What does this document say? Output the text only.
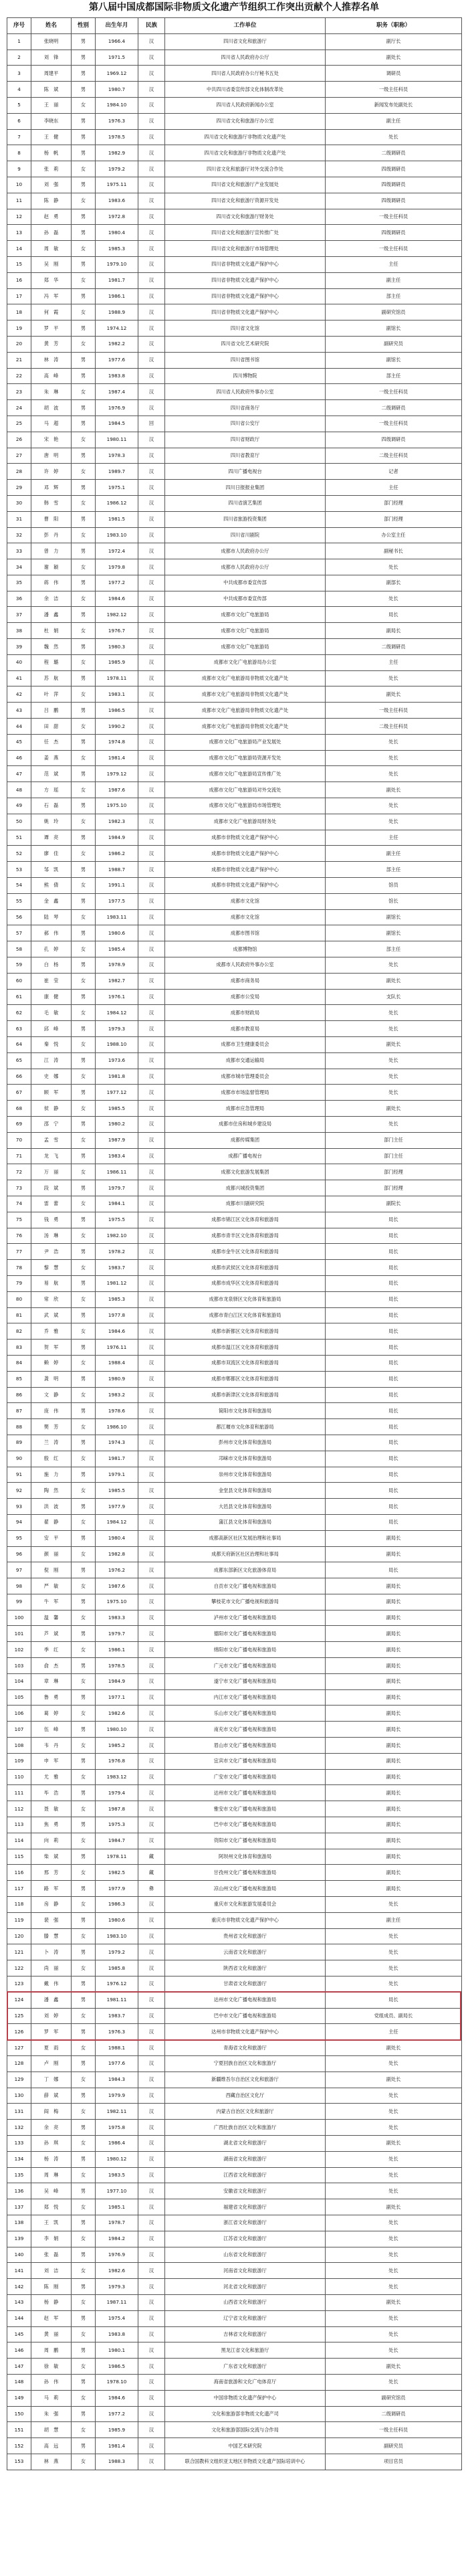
第八届中国成都国际非物质文化遗产节组织工作突出贡献个人推荐名单
序号	姓名	性别	出生年月	民族	工作单位	职务（职称）
1	张晓明	男	1966.4	汉	四川省文化和旅游厅	副厅长
2	刘　锋	男	1971.5	汉	四川省人民政府办公厅	副处长
3	周建平	男	1969.12	汉	四川省人民政府办公厅秘书五处	调研员
4	陈　斌	男	1980.7	汉	中共四川省委宣传部文化体制改革处	一级主任科员
5	王　丽	女	1984.10	汉	四川省人民政府新闻办公室	新闻发布处副处长
6	李晓东	男	1976.3	汉	四川省文化和旅游厅办公室	副主任
7	王　健	男	1978.5	汉	四川省文化和旅游厅非物质文化遗产处	处长
8	杨　帆	男	1982.9	汉	四川省文化和旅游厅非物质文化遗产处	二级调研员
9	张　莉	女	1979.2	汉	四川省文化和旅游厅对外交流合作处	四级调研员
10	刘　强	男	1975.11	汉	四川省文化和旅游厅产业发展处	四级调研员
11	陈　静	女	1983.6	汉	四川省文化和旅游厅资源开发处	四级调研员
12	赵　勇	男	1972.8	汉	四川省文化和旅游厅财务处	一级主任科员
13	孙　磊	男	1980.4	汉	四川省文化和旅游厅宣传推广处	四级调研员
14	周　敏	女	1985.3	汉	四川省文化和旅游厅市场管理处	一级主任科员
15	吴　刚	男	1979.10	汉	四川省非物质文化遗产保护中心	主任
16	郑　华	女	1981.7	汉	四川省非物质文化遗产保护中心	副主任
17	冯　军	男	1986.1	汉	四川省非物质文化遗产保护中心	部主任
18	何　霞	女	1988.9	汉	四川省非物质文化遗产保护中心	副研究馆员
19	罗　平	男	1974.12	汉	四川省文化馆	副馆长
20	黄　芳	女	1982.2	汉	四川省文化艺术研究院	副研究员
21	林　涛	男	1977.6	汉	四川省图书馆	副馆长
22	高　峰	男	1983.8	汉	四川博物院	部主任
23	朱　琳	女	1987.4	汉	四川省人民政府外事办公室	一级主任科员
24	胡　波	男	1976.9	汉	四川省商务厅	二级调研员
25	马　超	男	1984.5	回	四川省公安厅	一级主任科员
26	宋　艳	女	1980.11	汉	四川省财政厅	四级调研员
27	唐　明	男	1978.3	汉	四川省教育厅	二级主任科员
28	许　婷	女	1989.7	汉	四川广播电视台	记者
29	邓　辉	男	1975.1	汉	四川日报报业集团	主任
30	韩　雪	女	1986.12	汉	四川省演艺集团	部门经理
31	曹　阳	男	1981.5	汉	四川省旅游投资集团	部门经理
32	彭　丹	女	1983.10	汉	四川省川剧院	办公室主任
33	曾　力	男	1972.4	汉	成都市人民政府办公厅	副秘书长
34	谢　颖	女	1979.8	汉	成都市人民政府办公厅	处长
35	蒋　伟	男	1977.2	汉	中共成都市委宣传部	副部长
36	余　洁	女	1984.6	汉	中共成都市委宣传部	处长
37	潘　鑫	男	1982.12	汉	成都市文化广电旅游局	局长
38	杜　娟	女	1976.7	汉	成都市文化广电旅游局	副局长
39	魏　然	男	1980.3	汉	成都市文化广电旅游局	二级调研员
40	程　璐	女	1985.9	汉	成都市文化广电旅游局办公室	主任
41	苏　航	男	1978.11	汉	成都市文化广电旅游局非物质文化遗产处	处长
42	叶　萍	女	1983.1	汉	成都市文化广电旅游局非物质文化遗产处	副处长
43	吕　鹏	男	1986.5	汉	成都市文化广电旅游局非物质文化遗产处	一级主任科员
44	田　甜	女	1990.2	汉	成都市文化广电旅游局非物质文化遗产处	二级主任科员
45	任　杰	男	1974.8	汉	成都市文化广电旅游局产业发展处	处长
46	姜　燕	女	1981.4	汉	成都市文化广电旅游局资源开发处	处长
47	范　斌	男	1979.12	汉	成都市文化广电旅游局宣传推广处	处长
48	方　瑶	女	1987.6	汉	成都市文化广电旅游局对外交流处	副处长
49	石　磊	男	1975.10	汉	成都市文化广电旅游局市场管理处	处长
50	姚　玲	女	1982.3	汉	成都市文化广电旅游局财务处	处长
51	谭　亮	男	1984.9	汉	成都市非物质文化遗产保护中心	主任
52	廖　佳	女	1986.2	汉	成都市非物质文化遗产保护中心	副主任
53	邹　凯	男	1988.7	汉	成都市非物质文化遗产保护中心	部主任
54	熊　倩	女	1991.1	汉	成都市非物质文化遗产保护中心	馆员
55	金　鑫	男	1977.5	汉	成都市文化馆	馆长
56	陆　琴	女	1983.11	汉	成都市文化馆	副馆长
57	郝　伟	男	1980.6	汉	成都市图书馆	副馆长
58	孔　婷	女	1985.4	汉	成都博物馆	部主任
59	白　杨	男	1978.9	汉	成都市人民政府外事办公室	处长
60	崔　莹	女	1982.7	汉	成都市商务局	副处长
61	康　健	男	1976.1	汉	成都市公安局	支队长
62	毛　敏	女	1984.12	汉	成都市财政局	处长
63	邱　峰	男	1979.3	汉	成都市教育局	处长
64	秦　悦	女	1988.10	汉	成都市卫生健康委员会	副处长
65	江　涛	男	1973.6	汉	成都市交通运输局	处长
66	史　娜	女	1981.8	汉	成都市城市管理委员会	处长
67	顾　军	男	1977.12	汉	成都市市场监督管理局	处长
68	侯　静	女	1985.5	汉	成都市应急管理局	副处长
69	邵　宁	男	1980.2	汉	成都市住房和城乡建设局	处长
70	孟　雪	女	1987.9	汉	成都传媒集团	部门主任
71	龙　飞	男	1983.4	汉	成都广播电视台	部门主任
72	万　丽	女	1986.11	汉	成都文化旅游发展集团	部门经理
73	段　斌	男	1979.7	汉	成都兴城投资集团	部门经理
74	雷　蕾	女	1984.1	汉	成都市川剧研究院	副院长
75	钱　勇	男	1975.5	汉	成都市锦江区文化体育和旅游局	局长
76	汤　琳	女	1982.10	汉	成都市青羊区文化体育和旅游局	局长
77	尹　浩	男	1978.2	汉	成都市金牛区文化体育和旅游局	局长
78	黎　慧	女	1983.7	汉	成都市武侯区文化体育和旅游局	局长
79	易　航	男	1981.12	汉	成都市成华区文化体育和旅游局	局长
80	常　欣	女	1985.3	汉	成都市龙泉驿区文化体育和旅游局	局长
81	武　斌	男	1977.8	汉	成都市青白江区文化体育和旅游局	局长
82	乔　雅	女	1984.6	汉	成都市新都区文化体育和旅游局	局长
83	贺　军	男	1976.11	汉	成都市温江区文化体育和旅游局	局长
84	赖　婷	女	1988.4	汉	成都市双流区文化体育和旅游局	局长
85	龚　明	男	1980.9	汉	成都市郫都区文化体育和旅游局	局长
86	文　静	女	1983.2	汉	成都市新津区文化体育和旅游局	局长
87	庞　伟	男	1978.6	汉	简阳市文化体育和旅游局	局长
88	樊　芳	女	1986.10	汉	都江堰市文化体育和旅游局	局长
89	兰　涛	男	1974.3	汉	彭州市文化体育和旅游局	局长
90	殷　红	女	1981.7	汉	邛崃市文化体育和旅游局	局长
91	施　力	男	1979.1	汉	崇州市文化体育和旅游局	局长
92	陶　然	女	1985.5	汉	金堂县文化体育和旅游局	局长
93	洪　波	男	1977.9	汉	大邑县文化体育和旅游局	局长
94	翟　静	女	1984.12	汉	蒲江县文化体育和旅游局	局长
95	安　平	男	1980.4	汉	成都高新区社区发展治理和社事局	副局长
96	颜　丽	女	1982.8	汉	成都天府新区社区治理和社事局	副局长
97	倪　刚	男	1976.2	汉	成都东部新区文化旅游体育局	局长
98	严　敏	女	1987.6	汉	自贡市文化广播电视和旅游局	副局长
99	牛　军	男	1975.10	汉	攀枝花市文化广播电视和旅游局	副局长
100	温　馨	女	1983.3	汉	泸州市文化广播电视和旅游局	副局长
101	芦　斌	男	1979.7	汉	德阳市文化广播电视和旅游局	副局长
102	季　红	女	1986.1	汉	绵阳市文化广播电视和旅游局	副局长
103	俞　杰	男	1978.5	汉	广元市文化广播电视和旅游局	副局长
104	章　琳	女	1984.9	汉	遂宁市文化广播电视和旅游局	副局长
105	鲁　勇	男	1977.1	汉	内江市文化广播电视和旅游局	副局长
106	葛　婷	女	1982.6	汉	乐山市文化广播电视和旅游局	副局长
107	伍　峰	男	1980.10	汉	南充市文化广播电视和旅游局	副局长
108	韦　丹	女	1985.2	汉	眉山市文化广播电视和旅游局	副局长
109	申　军	男	1976.8	汉	宜宾市文化广播电视和旅游局	副局长
110	尤　雅	女	1983.12	汉	广安市文化广播电视和旅游局	副局长
111	毕　浩	男	1979.4	汉	达州市文化广播电视和旅游局	副局长
112	聂　敏	女	1987.8	汉	雅安市文化广播电视和旅游局	副局长
113	焦　勇	男	1975.3	汉	巴中市文化广播电视和旅游局	副局长
114	向　莉	女	1984.7	汉	资阳市文化广播电视和旅游局	副局长
115	柴　斌	男	1978.11	藏	阿坝州文化体育和旅游局	副局长
116	邢　芳	女	1982.5	藏	甘孜州文化广播电视和旅游局	副局长
117	路　军	男	1977.9	彝	凉山州文化广播电视和旅游局	副局长
118	房　静	女	1986.3	汉	重庆市文化和旅游发展委员会	处长
119	裴　强	男	1980.6	汉	重庆市非物质文化遗产保护中心	副主任
120	滕　慧	女	1983.10	汉	贵州省文化和旅游厅	处长
121	卜　涛	男	1979.2	汉	云南省文化和旅游厅	处长
122	尚　丽	女	1985.8	汉	陕西省文化和旅游厅	处长
123	戴　伟	男	1976.12	汉	甘肃省文化和旅游厅	处长
124	潘　鑫	男	1981.11	汉	达州市文化广播电视和旅游局	局长
125	刘　婷	女	1983.7	汉	巴中市文化广播电视和旅游局	党组成员、副局长
126	罗　军	男	1976.3	汉	达州市非物质文化遗产保护中心	主任
127	夏　雨	女	1988.1	汉	青海省文化和旅游厅	副处长
128	卢　刚	男	1977.6	汉	宁夏回族自治区文化和旅游厅	处长
129	丁　娜	女	1984.3	汉	新疆维吾尔自治区文化和旅游厅	副处长
130	薛　斌	男	1979.9	汉	西藏自治区文化厅	处长
131	阎　梅	女	1982.11	汉	内蒙古自治区文化和旅游厅	处长
132	余　亮	男	1975.8	汉	广西壮族自治区文化和旅游厅	处长
133	孙　琪	女	1986.4	汉	湖北省文化和旅游厅	副处长
134	杨　涛	男	1980.12	汉	湖南省文化和旅游厅	处长
135	周　琳	女	1983.5	汉	江西省文化和旅游厅	处长
136	吴　峰	男	1977.10	汉	安徽省文化和旅游厅	处长
137	郑　悦	女	1985.1	汉	福建省文化和旅游厅	副处长
138	王　凯	男	1978.7	汉	浙江省文化和旅游厅	处长
139	李　娟	女	1984.2	汉	江苏省文化和旅游厅	处长
140	张　磊	男	1976.9	汉	山东省文化和旅游厅	处长
141	刘　洁	女	1982.6	汉	河南省文化和旅游厅	处长
142	陈　刚	男	1979.3	汉	河北省文化和旅游厅	处长
143	杨　静	女	1987.11	汉	山西省文化和旅游厅	副处长
144	赵　军	男	1975.4	汉	辽宁省文化和旅游厅	处长
145	黄　丽	女	1983.8	汉	吉林省文化和旅游厅	处长
146	周　鹏	男	1980.1	汉	黑龙江省文化和旅游厅	处长
147	徐　敏	女	1986.5	汉	广东省文化和旅游厅	副处长
148	孙　伟	男	1978.10	汉	海南省旅游和文化广电体育厅	处长
149	马　莉	女	1984.6	汉	中国非物质文化遗产保护中心	副研究馆员
150	朱　强	男	1977.2	汉	文化和旅游部非物质文化遗产司	二级调研员
151	胡　慧	女	1985.9	汉	文化和旅游部国际交流与合作局	一级主任科员
152	高　远	男	1981.4	汉	中国艺术研究院	副研究员
153	林　燕	女	1988.3	汉	联合国教科文组织亚太地区非物质文化遗产国际培训中心	项目官员
